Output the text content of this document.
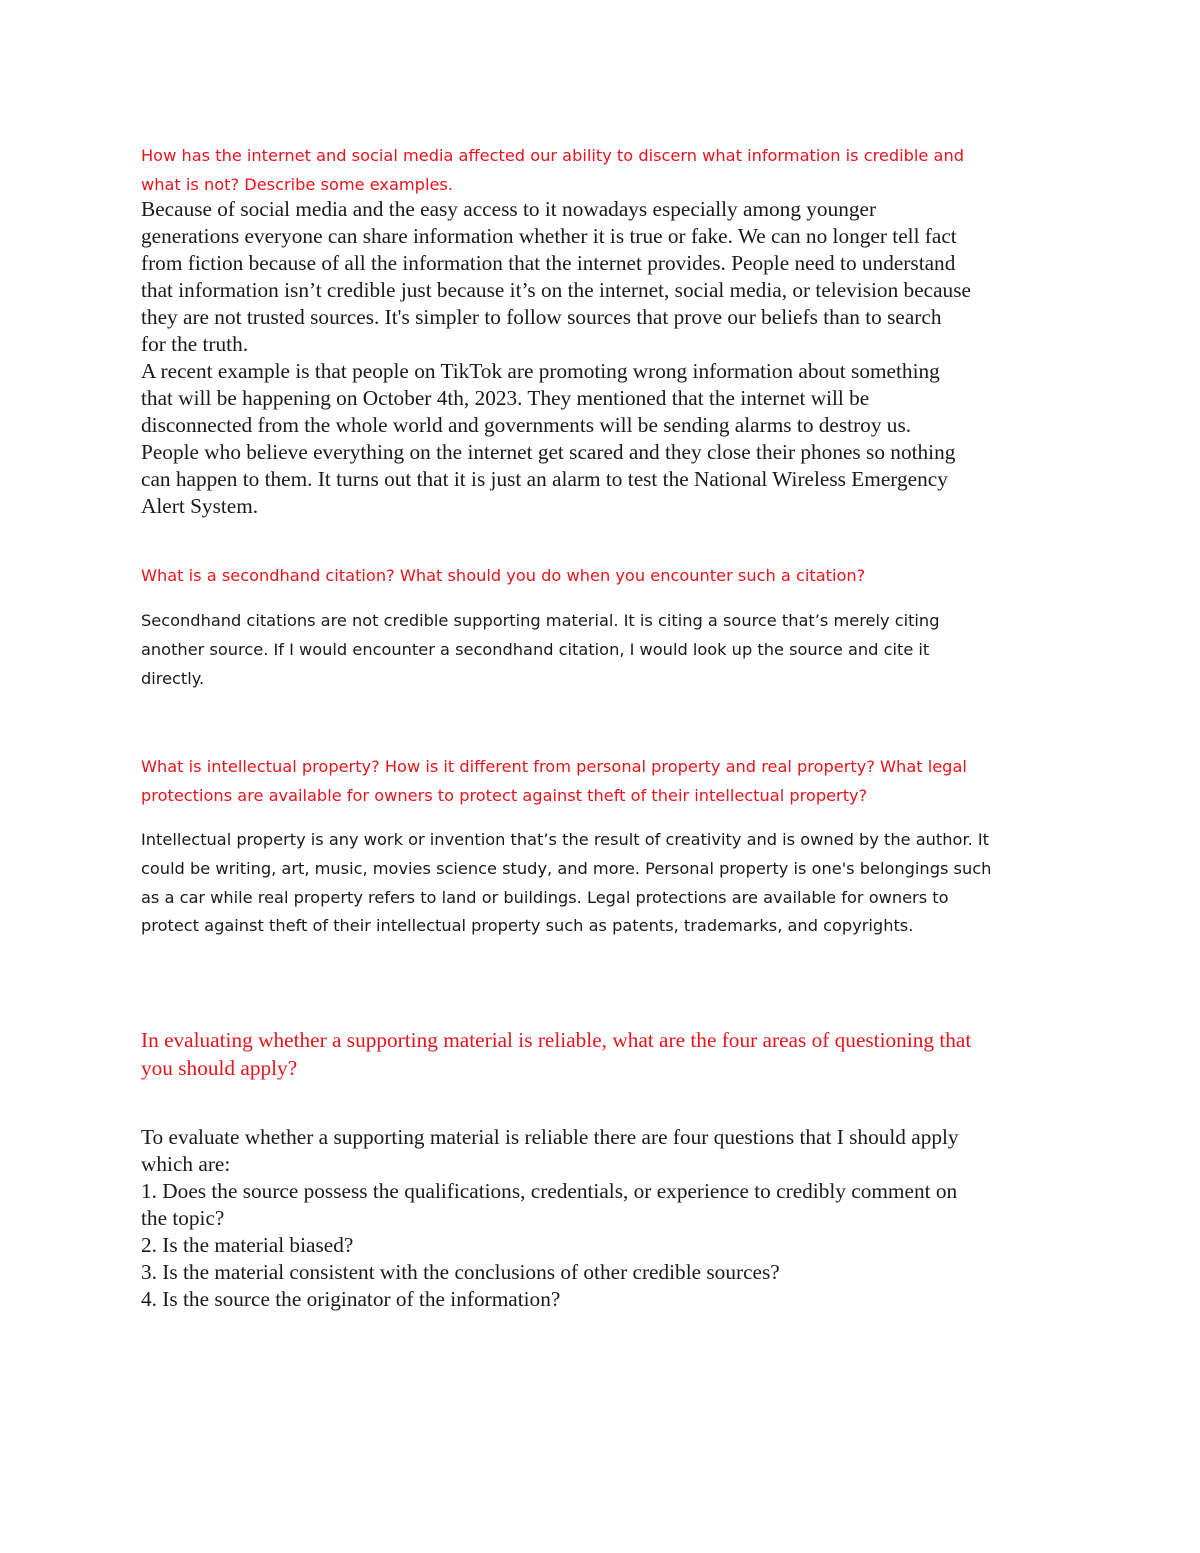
How has the internet and social media affected our ability to discern what information is credible and
what is not? Describe some examples.
Because of social media and the easy access to it nowadays especially among younger
generations everyone can share information whether it is true or fake. We can no longer tell fact
from fiction because of all the information that the internet provides. People need to understand
that information isn’t credible just because it’s on the internet, social media, or television because
they are not trusted sources. It's simpler to follow sources that prove our beliefs than to search
for the truth.
A recent example is that people on TikTok are promoting wrong information about something
that will be happening on October 4th, 2023. They mentioned that the internet will be
disconnected from the whole world and governments will be sending alarms to destroy us.
People who believe everything on the internet get scared and they close their phones so nothing
can happen to them. It turns out that it is just an alarm to test the National Wireless Emergency
Alert System.
What is a secondhand citation? What should you do when you encounter such a citation?
Secondhand citations are not credible supporting material. It is citing a source that’s merely citing
another source. If I would encounter a secondhand citation, I would look up the source and cite it
directly.
What is intellectual property? How is it different from personal property and real property? What legal
protections are available for owners to protect against theft of their intellectual property?
Intellectual property is any work or invention that’s the result of creativity and is owned by the author. It
could be writing, art, music, movies science study, and more. Personal property is one's belongings such
as a car while real property refers to land or buildings. Legal protections are available for owners to
protect against theft of their intellectual property such as patents, trademarks, and copyrights.
In evaluating whether a supporting material is reliable, what are the four areas of questioning that
you should apply?
To evaluate whether a supporting material is reliable there are four questions that I should apply
which are:
1. Does the source possess the qualifications, credentials, or experience to credibly comment on
the topic?
2. Is the material biased?
3. Is the material consistent with the conclusions of other credible sources?
4. Is the source the originator of the information?
